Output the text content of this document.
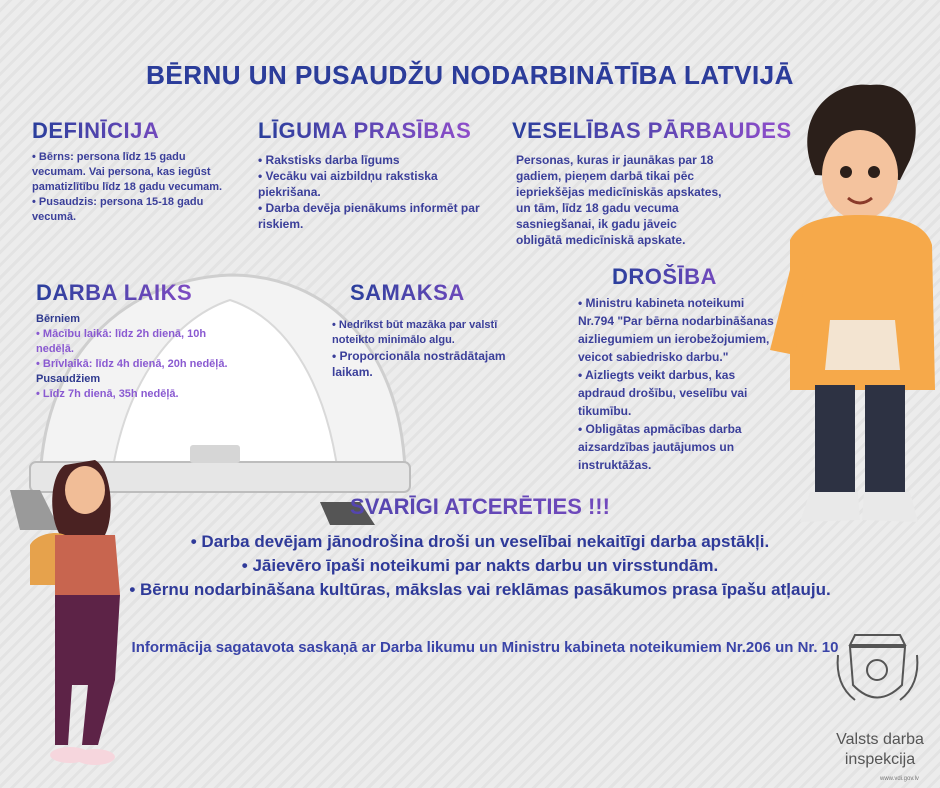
BĒRNU UN PUSAUDŽU NODARBINĀTĪBA LATVIJĀ
DEFINĪCIJA

• Bērns: persona līdz 15 gadu vecumam. Vai persona, kas iegūst pamatizlītību līdz 18 gadu vecumam.

• Pusaudzis: persona 15-18 gadu vecumā.

LĪGUMA PRASĪBAS

• Rakstisks darba līgums

• Vecāku vai aizbildņu rakstiska piekrišana.

• Darba devēja pienākums informēt par riskiem.

VESELĪBAS PĀRBAUDES

Personas, kuras ir jaunākas par 18 gadiem, pieņem darbā tikai pēc iepriekšējas medicīniskās apskates, un tām, līdz 18 gadu vecuma sasniegšanai, ik gadu jāveic obligātā medicīniskā apskate.

DARBA LAIKS

Bērniem

• Mācību laikā: līdz 2h dienā, 10h nedēļā.

• Brīvlaikā: līdz 4h dienā, 20h nedēļā.

Pusaudžiem

• Līdz 7h dienā, 35h nedēļā.

SAMAKSA

• Nedrīkst būt mazāka par valstī noteikto minimālo algu.

• Proporcionāla nostrādātajam laikam.

DROŠĪBA

• Ministru kabineta noteikumi Nr.794 "Par bērna nodarbināšanas aizliegumiem un ierobežojumiem, veicot sabiedrisko darbu."

• Aizliegts veikt darbus, kas apdraud drošību, veselību vai tikumību.

• Obligātas apmācības darba aizsardzības jautājumos un instruktāžas.

SVARĪGI ATCERĒTIES !!!
• Darba devējam jānodrošina droši un veselībai nekaitīgi darba apstākļi.
• Jāievēro īpaši noteikumi par nakts darbu un virsstundām.
• Bērnu nodarbināšana kultūras, mākslas vai reklāmas pasākumos prasa īpašu atļauju.
Informācija sagatavota saskaņā ar Darba likumu un Ministru kabineta noteikumiem Nr.206 un Nr. 10
Valsts darba
inspekcija
www.vdi.gov.lv
